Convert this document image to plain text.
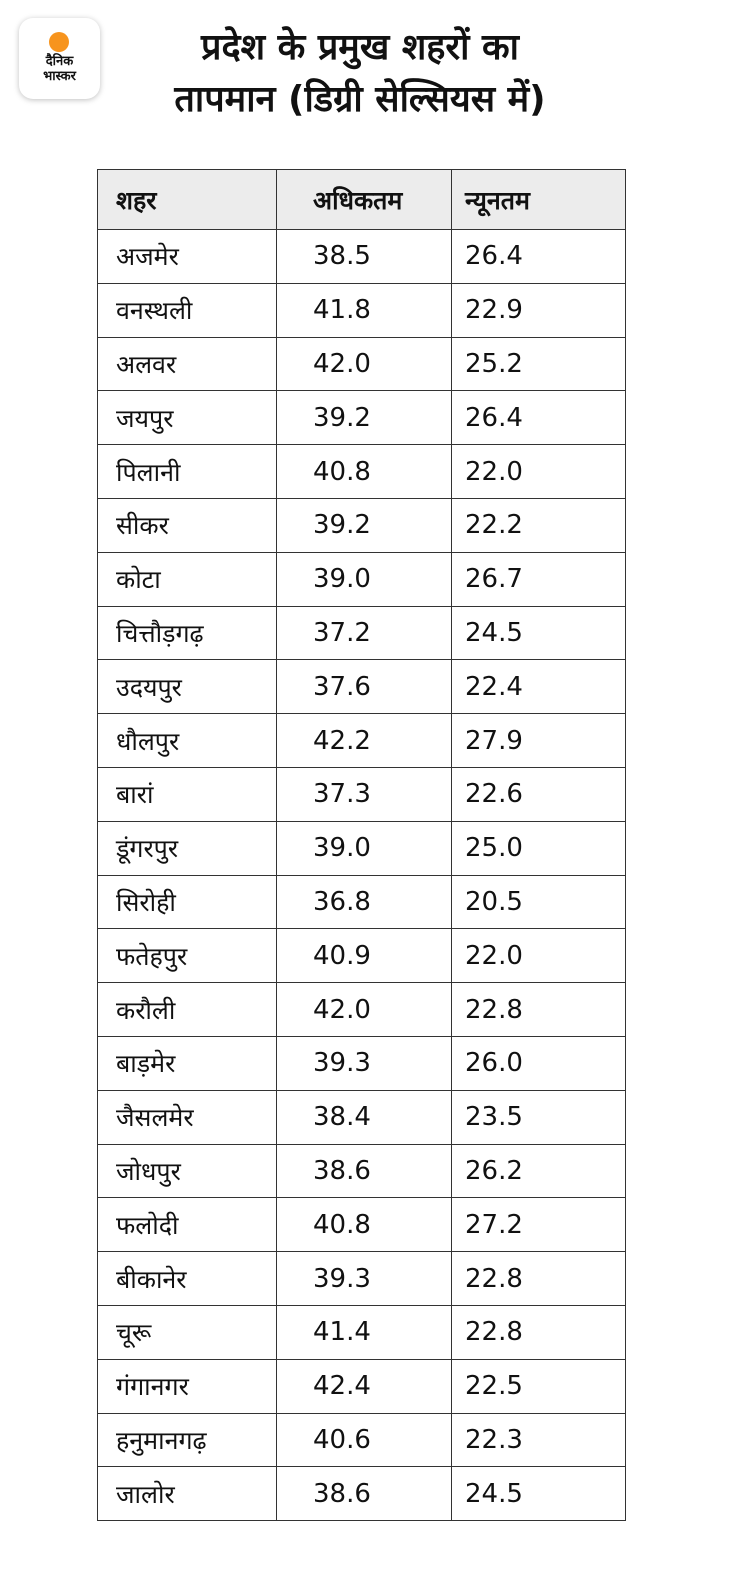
दैनिक
भास्कर
प्रदेश के प्रमुख शहरों का
तापमान (डिग्री सेल्सियस में)
शहर	अधिकतम	न्यूनतम
अजमेर	38.5	26.4
वनस्थली	41.8	22.9
अलवर	42.0	25.2
जयपुर	39.2	26.4
पिलानी	40.8	22.0
सीकर	39.2	22.2
कोटा	39.0	26.7
चित्तौड़गढ़	37.2	24.5
उदयपुर	37.6	22.4
धौलपुर	42.2	27.9
बारां	37.3	22.6
डूंगरपुर	39.0	25.0
सिरोही	36.8	20.5
फतेहपुर	40.9	22.0
करौली	42.0	22.8
बाड़मेर	39.3	26.0
जैसलमेर	38.4	23.5
जोधपुर	38.6	26.2
फलोदी	40.8	27.2
बीकानेर	39.3	22.8
चूरू	41.4	22.8
गंगानगर	42.4	22.5
हनुमानगढ़	40.6	22.3
जालोर	38.6	24.5
